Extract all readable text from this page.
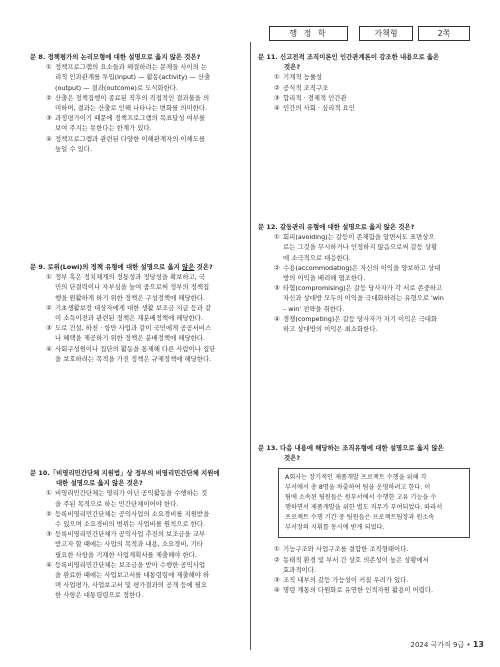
행 정 학	가책형	2쪽

문 8. 정책평가의 논리모형에 대한 설명으로 옳지 않은 것은?

① 정책프로그램의 요소들과 해결하려는 문제들 사이의 논
리적 인과관계를 투입(input) — 활동(activity) — 산출
(output) — 결과(outcome)로 도식화한다.

② 산출은 정책집행이 종료된 직후의 직접적인 결과물을 의
미하며, 결과는 산출로 인해 나타나는 변화를 의미한다.

③ 과정평가이기 때문에 정책프로그램의 목표달성 여부를
보여 주지는 못한다는 한계가 있다.

④ 정책프로그램과 관련된 다양한 이해관계자의 이해도를
높일 수 있다.

문 9. 로위(Lowi)의 정책 유형에 대한 설명으로 옳지 않은 것은?

① 정부 혹은 정치체계의 정통성과 정당성을 확보하고, 국
민의 단결력이나 자부심을 높여 줌으로써 정부의 정책집
행을 원활하게 하기 위한 정책은 구성정책에 해당한다.

② 기초생활보장 대상자에게 대한 생활 보조금 지급 등과 같
이 소득이전과 관련된 정책은 재분배정책에 해당한다.

③ 도로 건설, 하천 · 항만 사업과 같이 국민에게 공공서비스
나 혜택을 제공하기 위한 정책은 분배정책에 해당한다.

④ 사회구성원이나 집단의 활동을 통제해 다른 사람이나 집단
을 보호하려는 목적을 가진 정책은 규제정책에 해당한다.

문 10.「비영리민간단체 지원법」상 정부의 비영리민간단체 지원에
대한 설명으로 옳지 않은 것은?

① 비영리민간단체는 영리가 아닌 공익활동을 수행하는 것
을 주된 목적으로 하는 민간단체이어야 한다.

② 등록비영리민간단체는 공익사업의 소요경비를 지원받을
수 있으며 소요경비의 범위는 사업비를 원칙으로 한다.

③ 등록비영리민간단체가 공익사업 추진의 보조금을 교부
받고자 할 때에는 사업의 목적과 내용, 소요경비, 기타
필요한 사항을 기재한 사업계획서를 제출해야 한다.

④ 등록비영리민간단체는 보조금을 받아 수행한 공익사업
을 완료한 때에는 사업보고서를 대통령령에 제출해야 하
며 사업평가, 사업보고서 및 평가결과의 공개 등에 필요
한 사항은 대통령령으로 정한다.

문 11. 신고전적 조직이론인 인간관계론이 강조한 내용으로 옳은
것은?

① 기계적 능률성

② 공식적 조직구조

③ 합리적 · 경제적 인간관

④ 인간의 사회 · 심리적 요인

문 12. 갈등관리 유형에 대한 설명으로 옳지 않은 것은?

① 회피(avoiding)는 갈등이 존재함을 알면서도 표면상으
로는 그것을 무시하거나 인정하지 않음으로써 갈등 상황
에 소극적으로 대응한다.

② 수용(accommodating)은 자신의 이익을 양보하고 상대
방의 이익을 배려해 협조한다.

③ 타협(compromising)은 갈등 당사자가 각 서로 존중하고
자신과 상대방 모두의 이익을 극대화하려는 유형으로 'win
– win' 전략을 취한다.

④ 경쟁(competing)은 갈등 당사자가 자기 이익은 극대화
하고 상대방의 이익은 최소화한다.

문 13. 다음 내용에 해당하는 조직유형에 대한 설명으로 옳지 않은
것은?

A회사는 장기적인 제품개발 프로젝트 수행을 위해 각
부서에서 총 8명을 차출하여 팀을 운영하려고 한다. 이
팀에 소속된 팀원들은 원부서에서 수행한 고유 기능을 수
행하면서 제품개발을 위한 별도 직무가 부여되었다. 따라서
프로젝트 수행 기간 중 팀원들은 프로젝트팀장과 원소속
부서장의 지휘를 동시에 받게 되었다.

① 기능구조와 사업구조를 결합한 조직형태이다.

② 동태적 환경 및 부서 간 상호 의존성이 높은 상황에서
효과적이다.

③ 조직 내부의 갈등 가능성이 커질 우려가 있다.

④ 명령 계통의 다원화로 유연한 인적자원 활용이 어렵다.

2024 국가직 9급 • 13
